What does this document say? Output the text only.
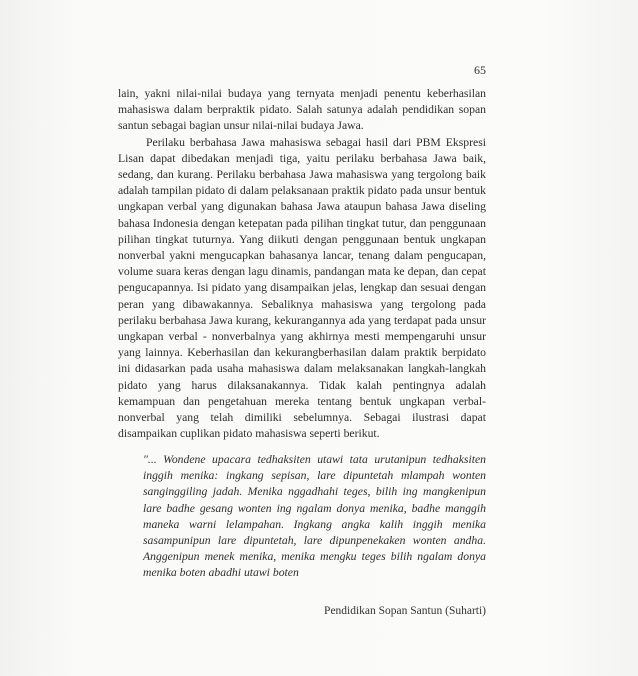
65

lain, yakni nilai-nilai budaya yang ternyata menjadi penentu keberhasilan mahasiswa dalam berpraktik pidato. Salah satunya adalah pendidikan sopan santun sebagai bagian unsur nilai-nilai budaya Jawa.

Perilaku berbahasa Jawa mahasiswa sebagai hasil dari PBM Ekspresi Lisan dapat dibedakan menjadi tiga, yaitu perilaku berbahasa Jawa baik, sedang, dan kurang. Perilaku berbahasa Jawa mahasiswa yang tergolong baik adalah tampilan pidato di dalam pelaksanaan praktik pidato pada unsur bentuk ungkapan verbal yang digunakan bahasa Jawa ataupun bahasa Jawa diseling bahasa Indonesia dengan ketepatan pada pilihan tingkat tutur, dan penggunaan pilihan tingkat tuturnya. Yang diikuti dengan penggunaan bentuk ungkapan nonverbal yakni mengucapkan bahasanya lancar, tenang dalam pengucapan, volume suara keras dengan lagu dinamis, pandangan mata ke depan, dan cepat pengucapannya. Isi pidato yang disampaikan jelas, lengkap dan sesuai dengan peran yang dibawakannya. Sebaliknya mahasiswa yang tergolong pada perilaku berbahasa Jawa kurang, kekurangannya ada yang terdapat pada unsur ungkapan verbal - nonverbalnya yang akhirnya mesti mempengaruhi unsur yang lainnya. Keberhasilan dan kekurangberhasilan dalam praktik berpidato ini didasarkan pada usaha mahasiswa dalam melaksanakan langkah-langkah pidato yang harus dilaksanakannya. Tidak kalah pentingnya adalah kemampuan dan pengetahuan mereka tentang bentuk ungkapan verbal-nonverbal yang telah dimiliki sebelumnya. Sebagai ilustrasi dapat disampaikan cuplikan pidato mahasiswa seperti berikut.

"... Wondene upacara tedhaksiten utawi tata urutanipun tedhaksiten inggih menika: ingkang sepisan, lare dipuntetah mlampah wonten sanginggiling jadah. Menika nggadhahi teges, bilih ing mangkenipun lare badhe gesang wonten ing ngalam donya menika, badhe manggih maneka warni lelampahan. Ingkang angka kalih inggih menika sasampunipun lare dipuntetah, lare dipunpenekaken wonten andha. Anggenipun menek menika, menika mengku teges bilih ngalam donya menika boten abadhi utawi boten
Pendidikan Sopan Santun (Suharti)
